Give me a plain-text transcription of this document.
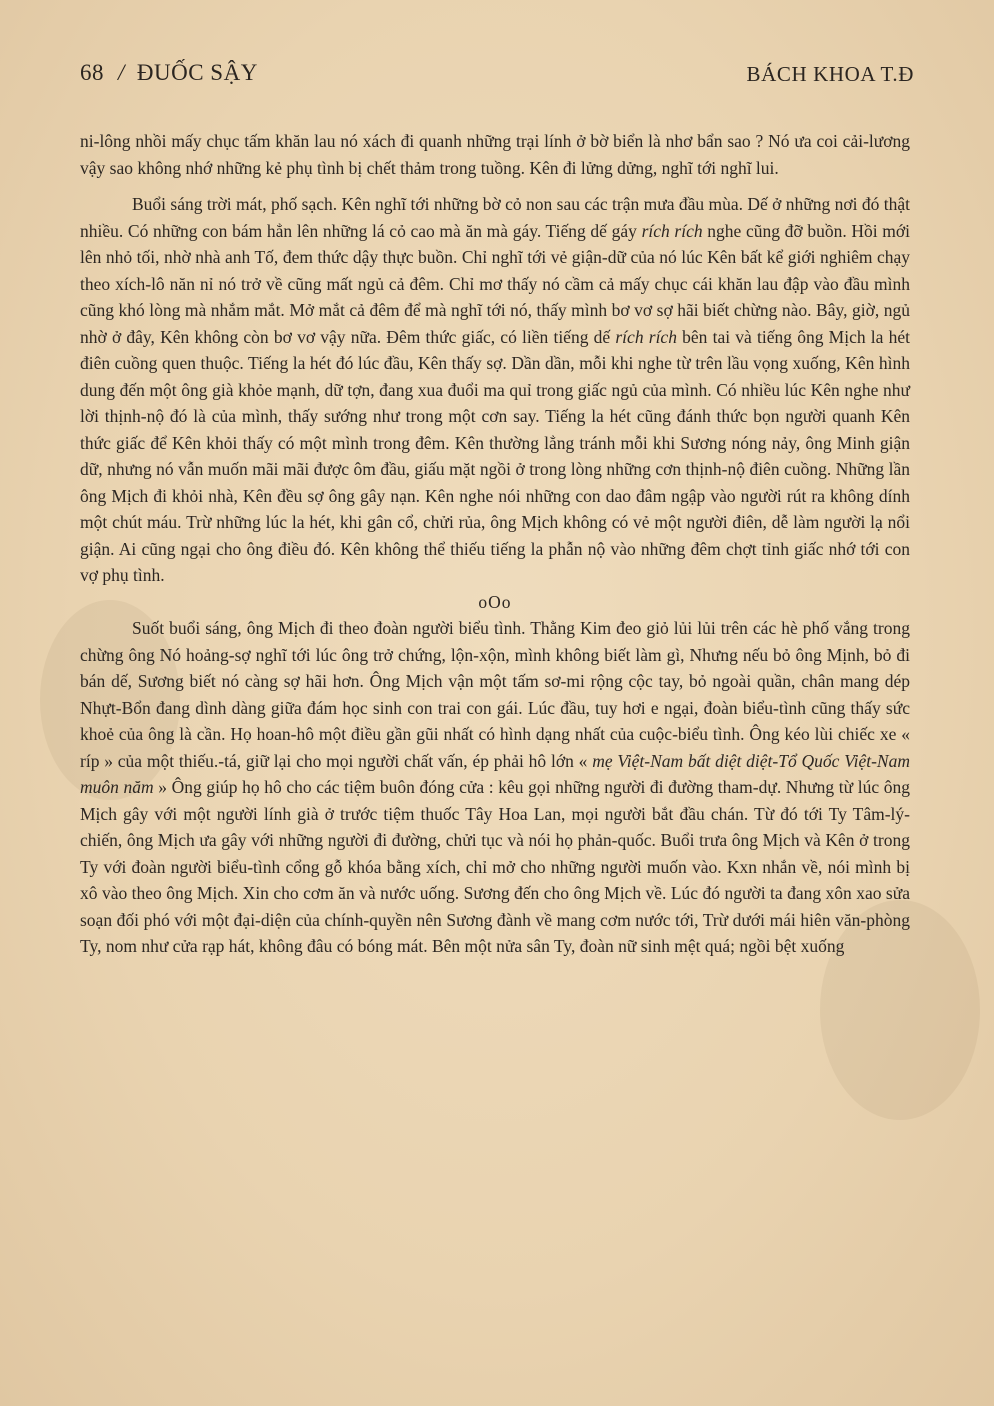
68 / ĐUỐC SẬY	BÁCH KHOA T.Đ

ni-lông nhồi mấy chục tấm khăn lau nó xách đi quanh những trại lính ở bờ biển là nhơ bẩn sao ? Nó ưa coi cải-lương vậy sao không nhớ những kẻ phụ tình bị chết thảm trong tuồng. Kên đi lửng dửng, nghĩ tới nghĩ lui.

Buổi sáng trời mát, phố sạch. Kên nghĩ tới những bờ cỏ non sau các trận mưa đầu mùa. Dế ở những nơi đó thật nhiều. Có những con bám hẳn lên những lá cỏ cao mà ăn mà gáy. Tiếng dế gáy rích rích nghe cũng đỡ buồn. Hồi mới lên nhỏ tối, nhờ nhà anh Tố, đem thức dậy thực buồn. Chỉ nghĩ tới vẻ giận-dữ của nó lúc Kên bất kể giới nghiêm chạy theo xích-lô năn nỉ nó trở về cũng mất ngủ cả đêm. Chỉ mơ thấy nó cầm cả mấy chục cái khăn lau đập vào đầu mình cũng khó lòng mà nhắm mắt. Mở mắt cả đêm để mà nghĩ tới nó, thấy mình bơ vơ sợ hãi biết chừng nào. Bây, giờ, ngủ nhờ ở đây, Kên không còn bơ vơ vậy nữa. Đêm thức giấc, có liền tiếng dế rích rích bên tai và tiếng ông Mịch la hét điên cuồng quen thuộc. Tiếng la hét đó lúc đầu, Kên thấy sợ. Dần dần, mỗi khi nghe từ trên lầu vọng xuống, Kên hình dung đến một ông già khỏe mạnh, dữ tợn, đang xua đuổi ma quỉ trong giấc ngủ của mình. Có nhiều lúc Kên nghe như lời thịnh-nộ đó là của mình, thấy sướng như trong một cơn say. Tiếng la hét cũng đánh thức bọn người quanh Kên thức giấc để Kên khỏi thấy có một mình trong đêm. Kên thường lẳng tránh mỗi khi Sương nóng nảy, ông Minh giận dữ, nhưng nó vẫn muốn mãi mãi được ôm đầu, giấu mặt ngồi ở trong lòng những cơn thịnh-nộ điên cuồng. Những lần ông Mịch đi khỏi nhà, Kên đều sợ ông gây nạn. Kên nghe nói những con dao đâm ngập vào người rút ra không dính một chút máu. Trừ những lúc la hét, khi gân cổ, chửi rủa, ông Mịch không có vẻ một người điên, dễ làm người lạ nổi giận. Ai cũng ngại cho ông điều đó. Kên không thể thiếu tiếng la phẫn nộ vào những đêm chợt tỉnh giấc nhớ tới con vợ phụ tình.

oOo

Suốt buổi sáng, ông Mịch đi theo đoàn người biểu tình. Thằng Kim đeo giỏ lủi lủi trên các hè phố vắng trong chừng ông Nó hoảng-sợ nghĩ tới lúc ông trở chứng, lộn-xộn, mình không biết làm gì, Nhưng nếu bỏ ông Mịnh, bỏ đi bán dế, Sương biết nó càng sợ hãi hơn. Ông Mịch vận một tấm sơ-mi rộng cộc tay, bỏ ngoài quần, chân mang dép Nhựt-Bổn đang dình dàng giữa đám học sinh con trai con gái. Lúc đầu, tuy hơi e ngại, đoàn biểu-tình cũng thấy sức khoẻ của ông là cần. Họ hoan-hô một điều gần gũi nhất có hình dạng nhất của cuộc-biểu tình. Ông kéo lùi chiếc xe « ríp » của một thiếu.-tá, giữ lại cho mọi người chất vấn, ép phải hô lớn « mẹ Việt-Nam bất diệt diệt-Tổ Quốc Việt-Nam muôn năm » Ông giúp họ hô cho các tiệm buôn đóng cửa : kêu gọi những người đi đường tham-dự. Nhưng từ lúc ông Mịch gây với một người lính già ở trước tiệm thuốc Tây Hoa Lan, mọi người bắt đầu chán. Từ đó tới Ty Tâm-lý-chiến, ông Mịch ưa gây với những người đi đường, chửi tục và nói họ phản-quốc. Buổi trưa ông Mịch và Kên ở trong Ty với đoàn người biểu-tình cổng gỗ khóa bằng xích, chỉ mở cho những người muốn vào. Kxn nhắn về, nói mình bị xô vào theo ông Mịch. Xin cho cơm ăn và nước uống. Sương đến cho ông Mịch về. Lúc đó người ta đang xôn xao sửa soạn đối phó với một đại-diện của chính-quyền nên Sương đành về mang cơm nước tới, Trừ dưới mái hiên văn-phòng Ty, nom như cửa rạp hát, không đâu có bóng mát. Bên một nửa sân Ty, đoàn nữ sinh mệt quá; ngồi bệt xuống
